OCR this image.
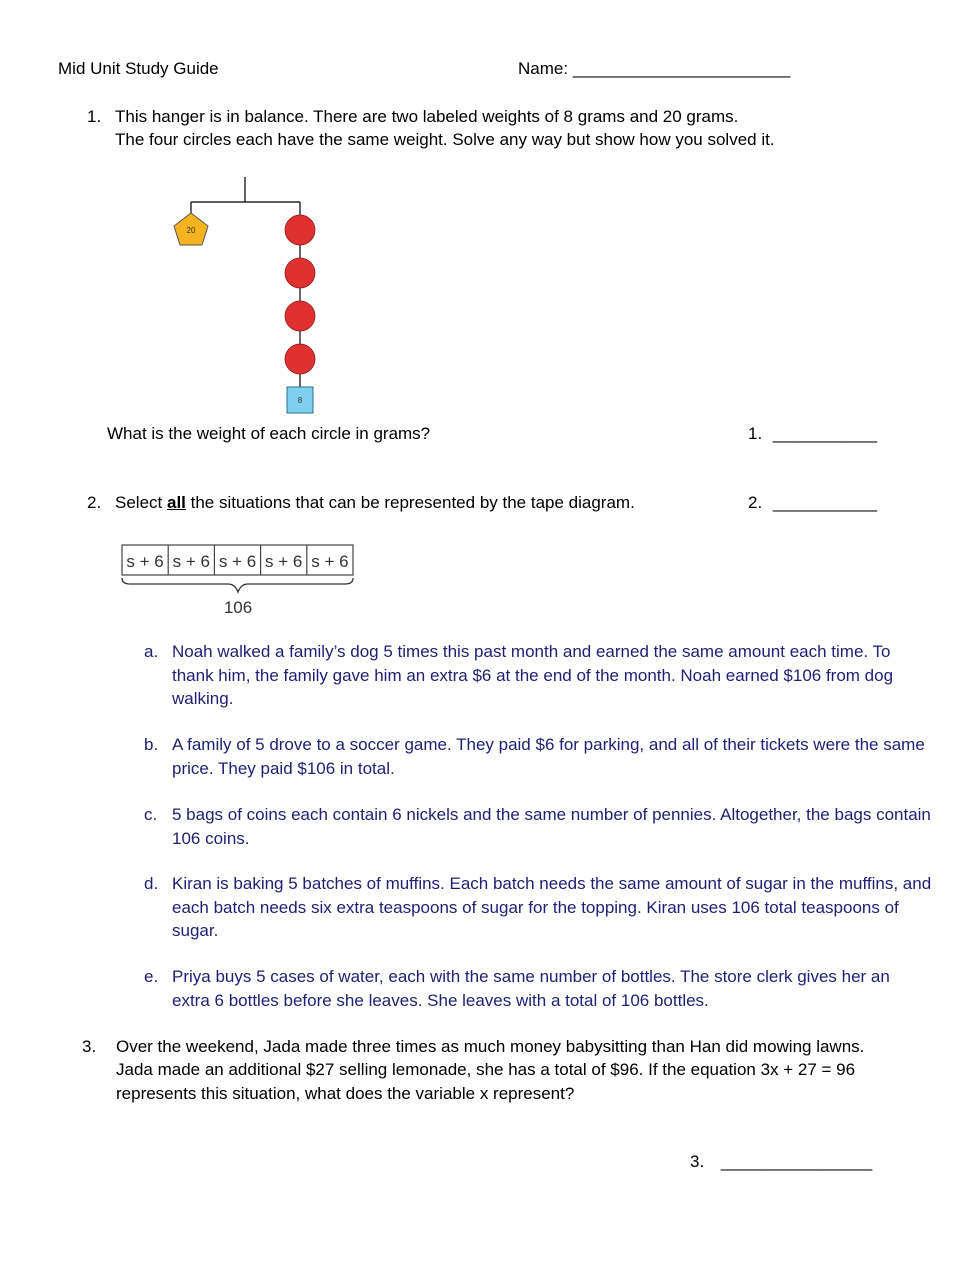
Mid Unit Study Guide	Name: _______________________
1. This hanger is in balance. There are two labeled weights of 8 grams and 20 grams.
The four circles each have the same weight. Solve any way but show how you solved it.
20
8
What is the weight of each circle in grams?	1. ___________
2. Select all the situations that can be represented by the tape diagram.	2. ___________
s + 6 s + 6 s + 6 s + 6 s + 6
106
a. Noah walked a family’s dog 5 times this past month and earned the same amount each time. To thank him, the family gave him an extra $6 at the end of the month. Noah earned $106 from dog walking.
b. A family of 5 drove to a soccer game. They paid $6 for parking, and all of their tickets were the same price. They paid $106 in total.
c. 5 bags of coins each contain 6 nickels and the same number of pennies. Altogether, the bags contain 106 coins.
d. Kiran is baking 5 batches of muffins. Each batch needs the same amount of sugar in the muffins, and each batch needs six extra teaspoons of sugar for the topping. Kiran uses 106 total teaspoons of sugar.
e. Priya buys 5 cases of water, each with the same number of bottles. The store clerk gives her an extra 6 bottles before she leaves. She leaves with a total of 106 bottles.
3. Over the weekend, Jada made three times as much money babysitting than Han did mowing lawns.
Jada made an additional $27 selling lemonade, she has a total of $96. If the equation 3x + 27 = 96
represents this situation, what does the variable x represent?
3. ________________
